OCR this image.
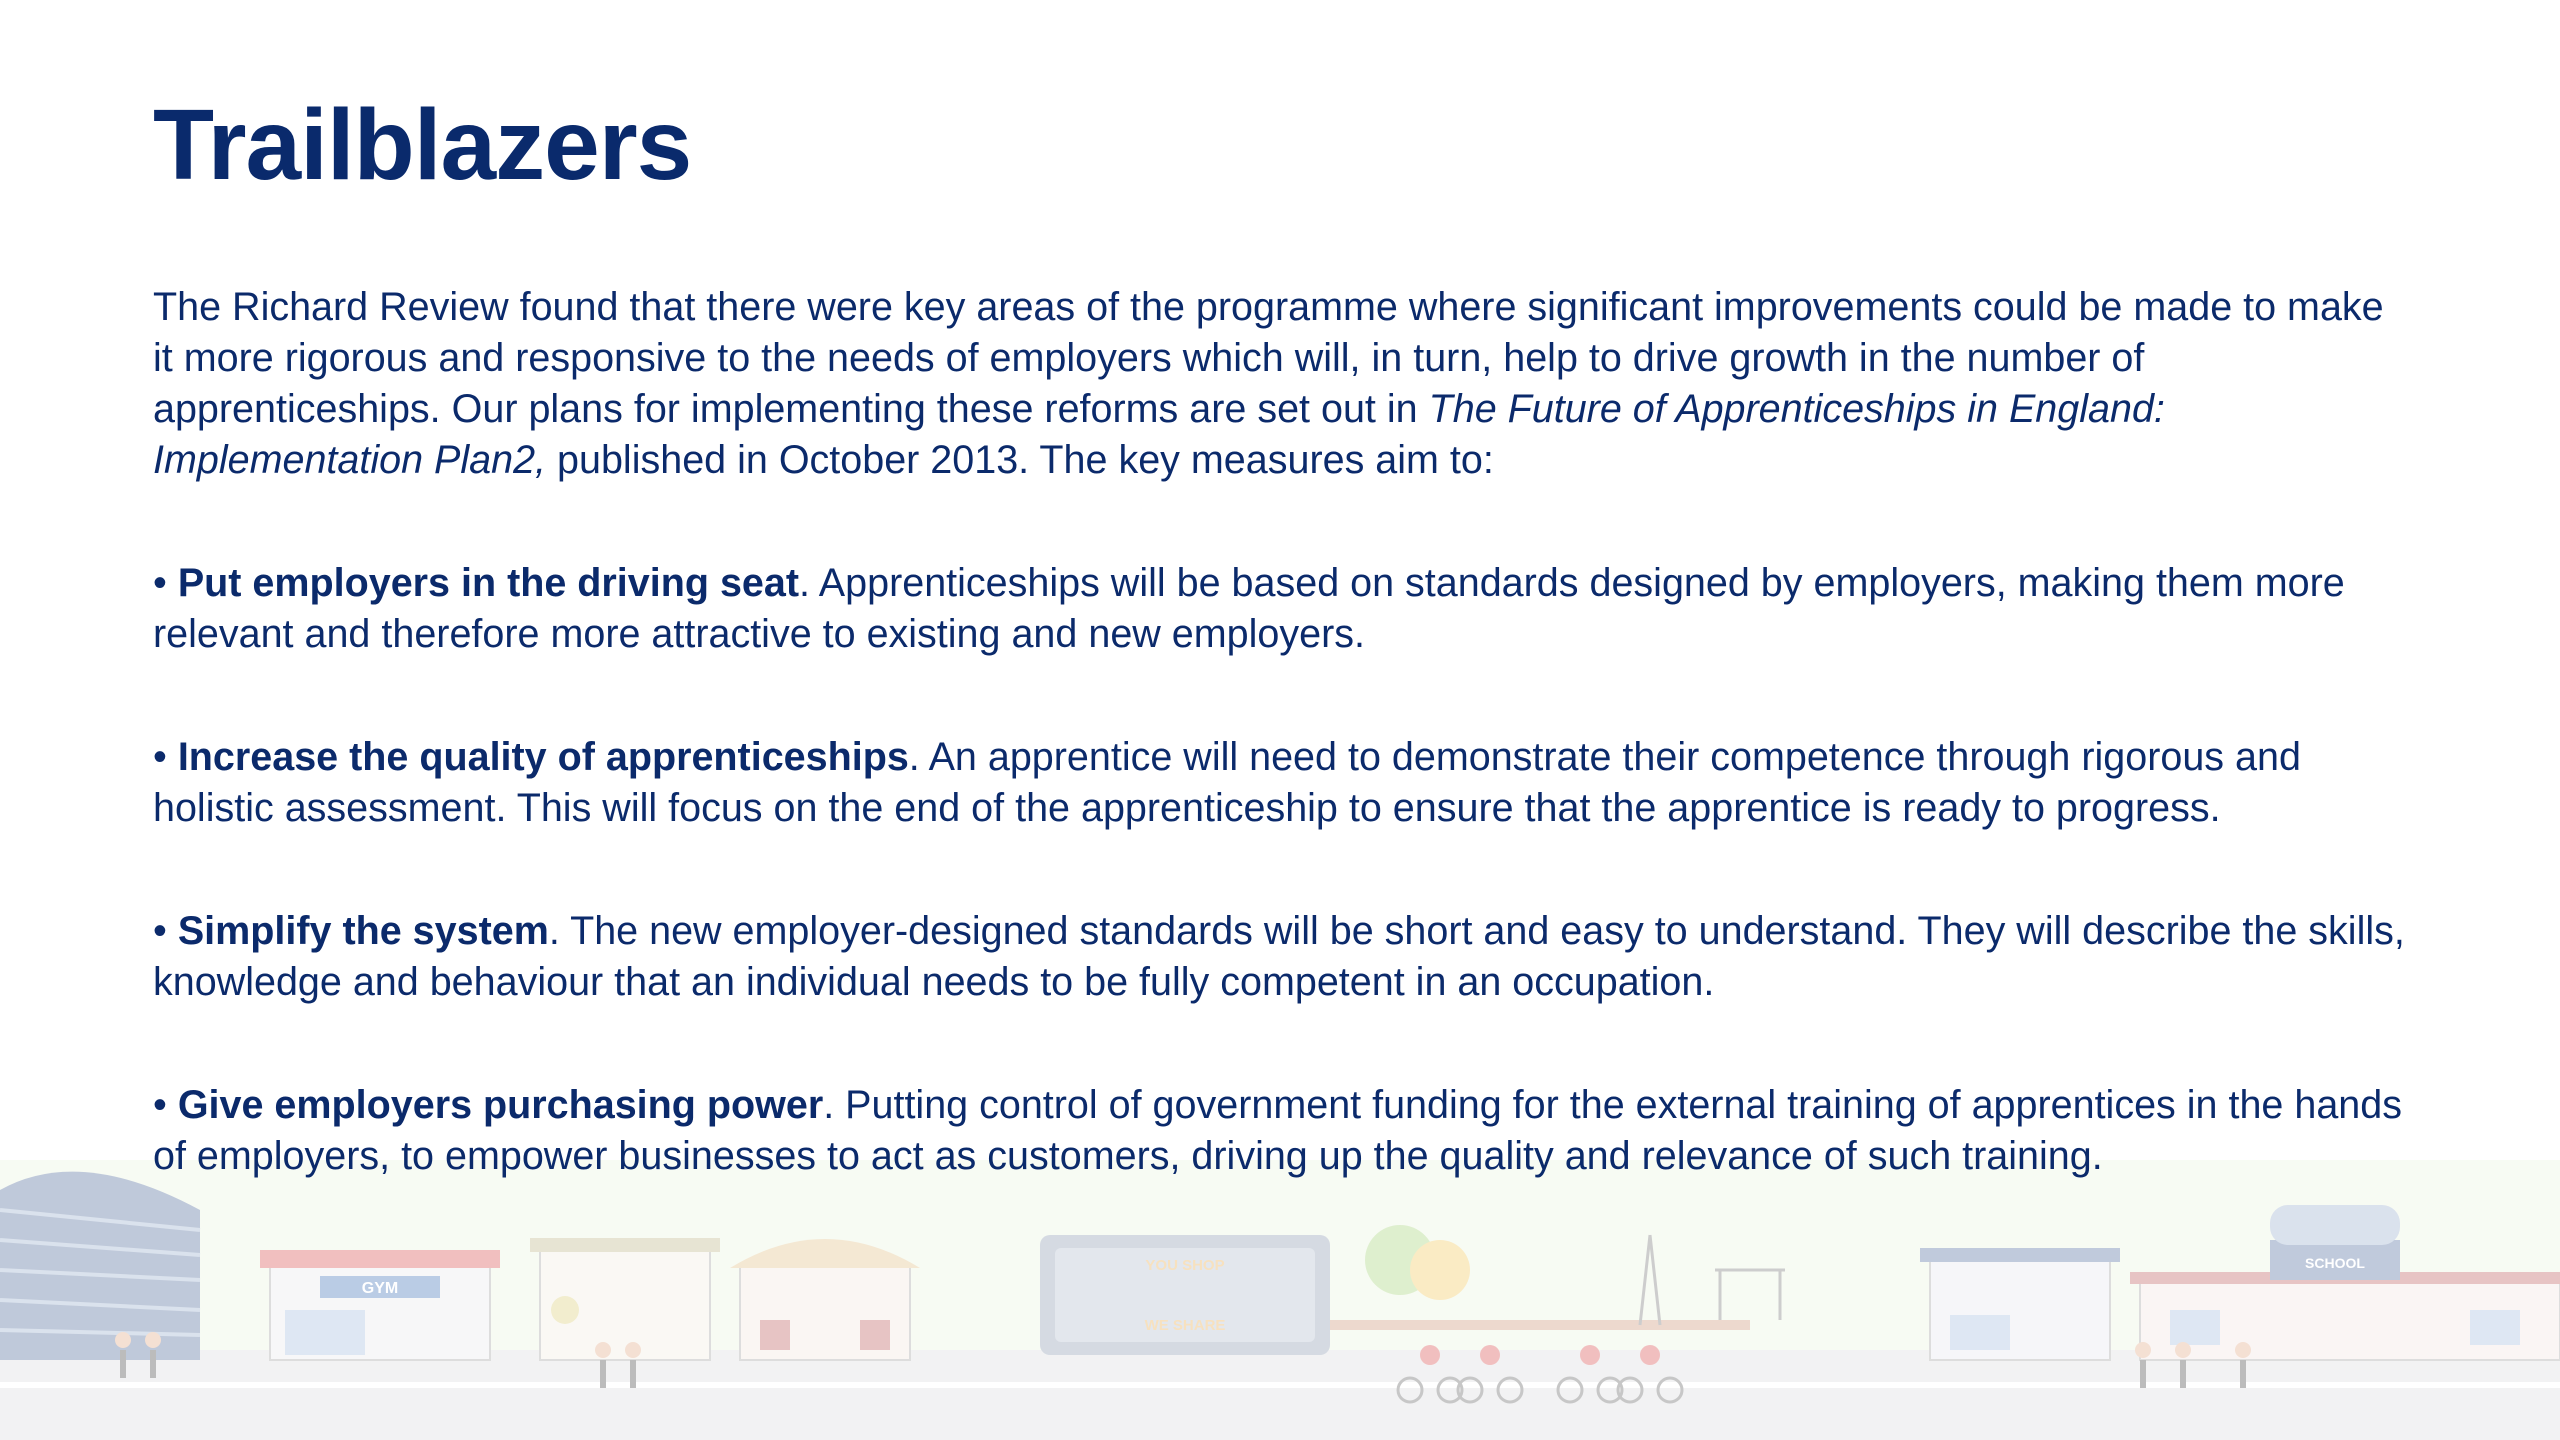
GYM
YOU SHOP
WE SHARE
SCHOOL
Trailblazers

The Richard Review found that there were key areas of the programme where significant improvements could be made to make it more rigorous and responsive to the needs of employers which will, in turn, help to drive growth in the number of apprenticeships. Our plans for implementing these reforms are set out in The Future of Apprenticeships in England: Implementation Plan2, published in October 2013. The key measures aim to:

• Put employers in the driving seat. Apprenticeships will be based on standards designed by employers, making them more relevant and therefore more attractive to existing and new employers.

• Increase the quality of apprenticeships. An apprentice will need to demonstrate their competence through rigorous and holistic assessment. This will focus on the end of the apprenticeship to ensure that the apprentice is ready to progress.

• Simplify the system. The new employer-designed standards will be short and easy to understand. They will describe the skills, knowledge and behaviour that an individual needs to be fully competent in an occupation.

• Give employers purchasing power. Putting control of government funding for the external training of apprentices in the hands of employers, to empower businesses to act as customers, driving up the quality and relevance of such training.
